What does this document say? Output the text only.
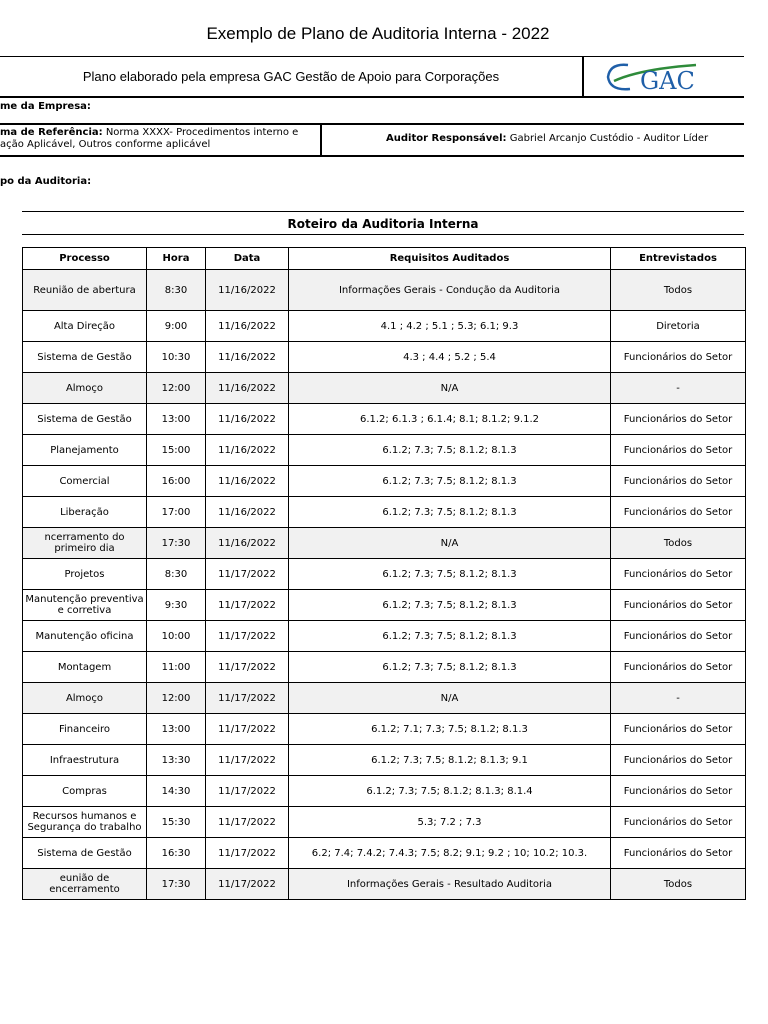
Exemplo de Plano de Auditoria Interna - 2022
Plano elaborado pela empresa GAC Gestão de Apoio para Corporações	GAC
me da Empresa:
ma de Referência: Norma XXXX- Procedimentos interno e
ação Aplicável, Outros conforme aplicável
Auditor Responsável: Gabriel Arcanjo Custódio - Auditor Líder
po da Auditoria:
Roteiro da Auditoria Interna
Processo	Hora	Data	Requisitos Auditados	Entrevistados
Reunião de abertura	8:30	11/16/2022	Informações Gerais - Condução da Auditoria	Todos
Alta Direção	9:00	11/16/2022	4.1 ; 4.2 ; 5.1 ; 5.3; 6.1; 9.3	Diretoria
Sistema de Gestão	10:30	11/16/2022	4.3 ; 4.4 ; 5.2 ; 5.4	Funcionários do Setor
Almoço	12:00	11/16/2022	N/A	-
Sistema de Gestão	13:00	11/16/2022	6.1.2; 6.1.3 ; 6.1.4; 8.1; 8.1.2; 9.1.2	Funcionários do Setor
Planejamento	15:00	11/16/2022	6.1.2; 7.3; 7.5; 8.1.2; 8.1.3	Funcionários do Setor
Comercial	16:00	11/16/2022	6.1.2; 7.3; 7.5; 8.1.2; 8.1.3	Funcionários do Setor
Liberação	17:00	11/16/2022	6.1.2; 7.3; 7.5; 8.1.2; 8.1.3	Funcionários do Setor
ncerramento do primeiro dia	17:30	11/16/2022	N/A	Todos
Projetos	8:30	11/17/2022	6.1.2; 7.3; 7.5; 8.1.2; 8.1.3	Funcionários do Setor
Manutenção preventiva e corretiva	9:30	11/17/2022	6.1.2; 7.3; 7.5; 8.1.2; 8.1.3	Funcionários do Setor
Manutenção oficina	10:00	11/17/2022	6.1.2; 7.3; 7.5; 8.1.2; 8.1.3	Funcionários do Setor
Montagem	11:00	11/17/2022	6.1.2; 7.3; 7.5; 8.1.2; 8.1.3	Funcionários do Setor
Almoço	12:00	11/17/2022	N/A	-
Financeiro	13:00	11/17/2022	6.1.2; 7.1; 7.3; 7.5; 8.1.2; 8.1.3	Funcionários do Setor
Infraestrutura	13:30	11/17/2022	6.1.2; 7.3; 7.5; 8.1.2; 8.1.3; 9.1	Funcionários do Setor
Compras	14:30	11/17/2022	6.1.2; 7.3; 7.5; 8.1.2; 8.1.3; 8.1.4	Funcionários do Setor
Recursos humanos e Segurança do trabalho	15:30	11/17/2022	5.3; 7.2 ; 7.3	Funcionários do Setor
Sistema de Gestão	16:30	11/17/2022	6.2; 7.4; 7.4.2; 7.4.3; 7.5; 8.2; 9.1; 9.2 ; 10; 10.2; 10.3.	Funcionários do Setor
eunião de encerramento	17:30	11/17/2022	Informações Gerais - Resultado Auditoria	Todos
